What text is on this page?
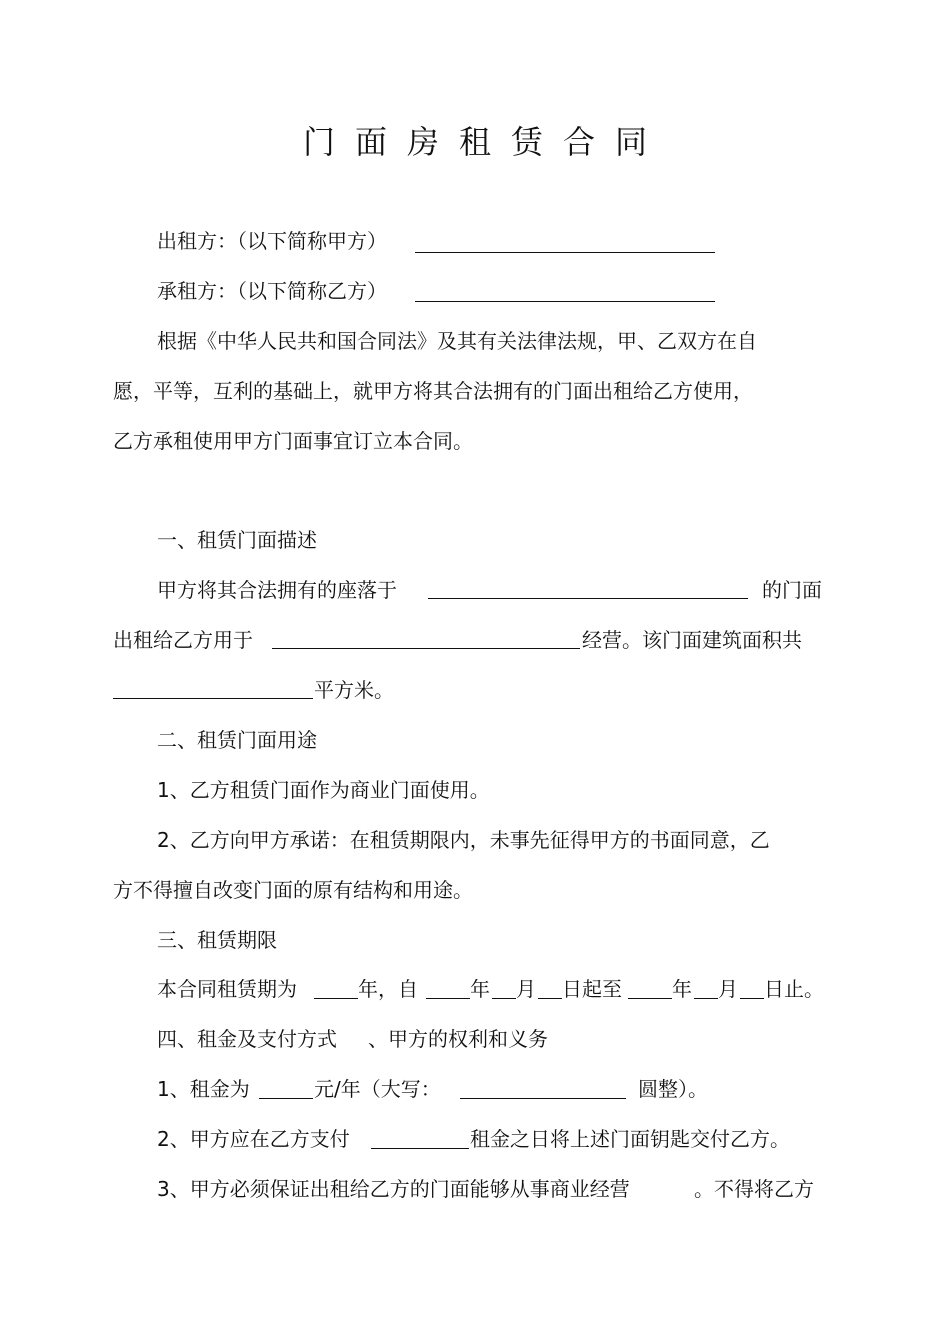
门面房租赁合同
出租方：（以下简称甲方）
承租方：（以下简称乙方）
根据《中华人民共和国合同法》及其有关法律法规，甲、乙双方在自
愿，平等，互利的基础上，就甲方将其合法拥有的门面出租给乙方使用，
乙方承租使用甲方门面事宜订立本合同。
一、租赁门面描述
甲方将其合法拥有的座落于	的门面
出租给乙方用于	经营。该门面建筑面积共
平方米。
二、租赁门面用途
1、乙方租赁门面作为商业门面使用。
2、乙方向甲方承诺：在租赁期限内，未事先征得甲方的书面同意，乙
方不得擅自改变门面的原有结构和用途。
三、租赁期限
本合同租赁期为	年，自	年 月 日起至	年 月 日止。
四、租金及支付方式 、甲方的权利和义务
1、租金为	元/年（大写：	圆整）。
2、甲方应在乙方支付	租金之日将上述门面钥匙交付乙方。
3、甲方必须保证出租给乙方的门面能够从事商业经营	。不得将乙方
